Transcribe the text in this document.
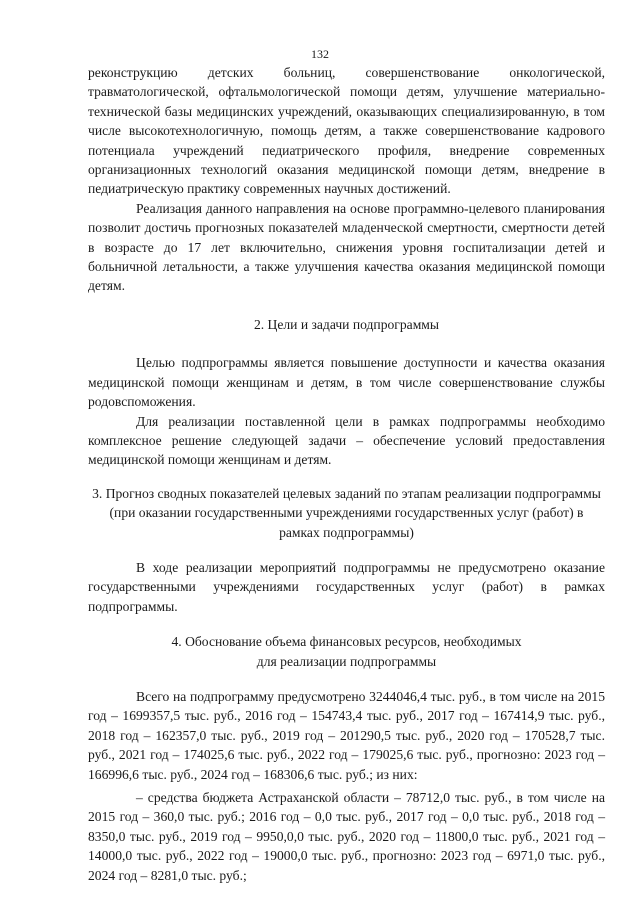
132

реконструкцию детских больниц, совершенствование онкологической, травматологической, офтальмологической помощи детям, улучшение материально-технической базы медицинских учреждений, оказывающих специализированную, в том числе высокотехнологичную, помощь детям, а также совершенствование кадрового потенциала учреждений педиатрического профиля, внедрение современных организационных технологий оказания медицинской помощи детям, внедрение в педиатрическую практику современных научных достижений.

Реализация данного направления на основе программно-целевого планирования позволит достичь прогнозных показателей младенческой смертности, смертности детей в возрасте до 17 лет включительно, снижения уровня госпитализации детей и больничной летальности, а также улучшения качества оказания медицинской помощи детям.

2. Цели и задачи подпрограммы

Целью подпрограммы является повышение доступности и качества оказания медицинской помощи женщинам и детям, в том числе совершенствование службы родовспоможения.

Для реализации поставленной цели в рамках подпрограммы необходимо комплексное решение следующей задачи – обеспечение условий предоставления медицинской помощи женщинам и детям.

3. Прогноз сводных показателей целевых заданий по этапам реализации подпрограммы (при оказании государственными учреждениями государственных услуг (работ) в рамках подпрограммы)

В ходе реализации мероприятий подпрограммы не предусмотрено оказание государственными учреждениями государственных услуг (работ) в рамках подпрограммы.

4. Обоснование объема финансовых ресурсов, необходимых

для реализации подпрограммы

Всего на подпрограмму предусмотрено 3244046,4 тыс. руб., в том числе на 2015 год – 1699357,5 тыс. руб., 2016 год – 154743,4 тыс. руб., 2017 год – 167414,9 тыс. руб., 2018 год – 162357,0 тыс. руб., 2019 год – 201290,5 тыс. руб., 2020 год – 170528,7 тыс. руб., 2021 год – 174025,6 тыс. руб., 2022 год – 179025,6 тыс. руб., прогнозно: 2023 год – 166996,6 тыс. руб., 2024 год – 168306,6 тыс. руб.; из них:

– средства бюджета Астраханской области – 78712,0 тыс. руб., в том числе на 2015 год – 360,0 тыс. руб.; 2016 год – 0,0 тыс. руб., 2017 год – 0,0 тыс. руб., 2018 год – 8350,0 тыс. руб., 2019 год – 9950,0,0 тыс. руб., 2020 год – 11800,0 тыс. руб., 2021 год – 14000,0 тыс. руб., 2022 год – 19000,0 тыс. руб., прогнозно: 2023 год – 6971,0 тыс. руб., 2024 год – 8281,0 тыс. руб.;
